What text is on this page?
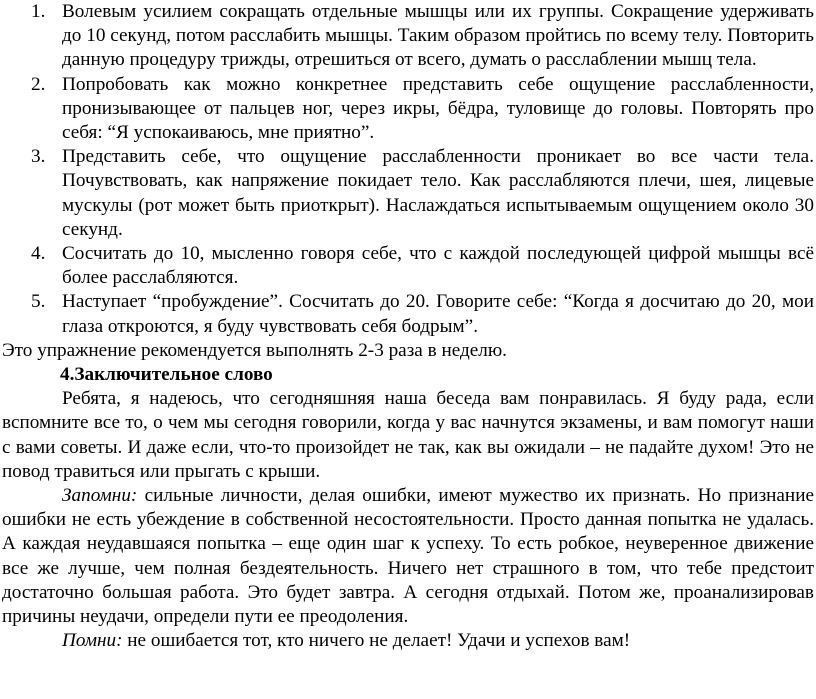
1. Волевым усилием сокращать отдельные мышцы или их группы. Сокращение удерживать до 10 секунд, потом расслабить мышцы. Таким образом пройтись по всему телу. Повторить данную процедуру трижды, отрешиться от всего, думать о расслаблении мышц тела.
2. Попробовать как можно конкретнее представить себе ощущение расслабленности, пронизывающее от пальцев ног, через икры, бёдра, туловище до головы. Повторять про себя: “Я успокаиваюсь, мне приятно”.
3. Представить себе, что ощущение расслабленности проникает во все части тела. Почувствовать, как напряжение покидает тело. Как расслабляются плечи, шея, лицевые мускулы (рот может быть приоткрыт). Наслаждаться испытываемым ощущением около 30 секунд.
4. Сосчитать до 10, мысленно говоря себе, что с каждой последующей цифрой мышцы всё более расслабляются.
5. Наступает “пробуждение”. Сосчитать до 20. Говорите себе: “Когда я досчитаю до 20, мои глаза откроются, я буду чувствовать себя бодрым”.

Это упражнение рекомендуется выполнять 2-3 раза в неделю.

4.Заключительное слово

Ребята, я надеюсь, что сегодняшняя наша беседа вам понравилась. Я буду рада, если вспомните все то, о чем мы сегодня говорили, когда у вас начнутся экзамены, и вам помогут наши с вами советы. И даже если, что-то произойдет не так, как вы ожидали – не падайте духом! Это не повод травиться или прыгать с крыши.

Запомни: сильные личности, делая ошибки, имеют мужество их признать. Но признание ошибки не есть убеждение в собственной несостоятельности. Просто данная попытка не удалась. А каждая неудавшаяся попытка – еще один шаг к успеху. То есть робкое, неуверенное движение все же лучше, чем полная бездеятельность. Ничего нет страшного в том, что тебе предстоит достаточно большая работа. Это будет завтра. А сегодня отдыхай. Потом же, проанализировав причины неудачи, определи пути ее преодоления.

Помни: не ошибается тот, кто ничего не делает! Удачи и успехов вам!
